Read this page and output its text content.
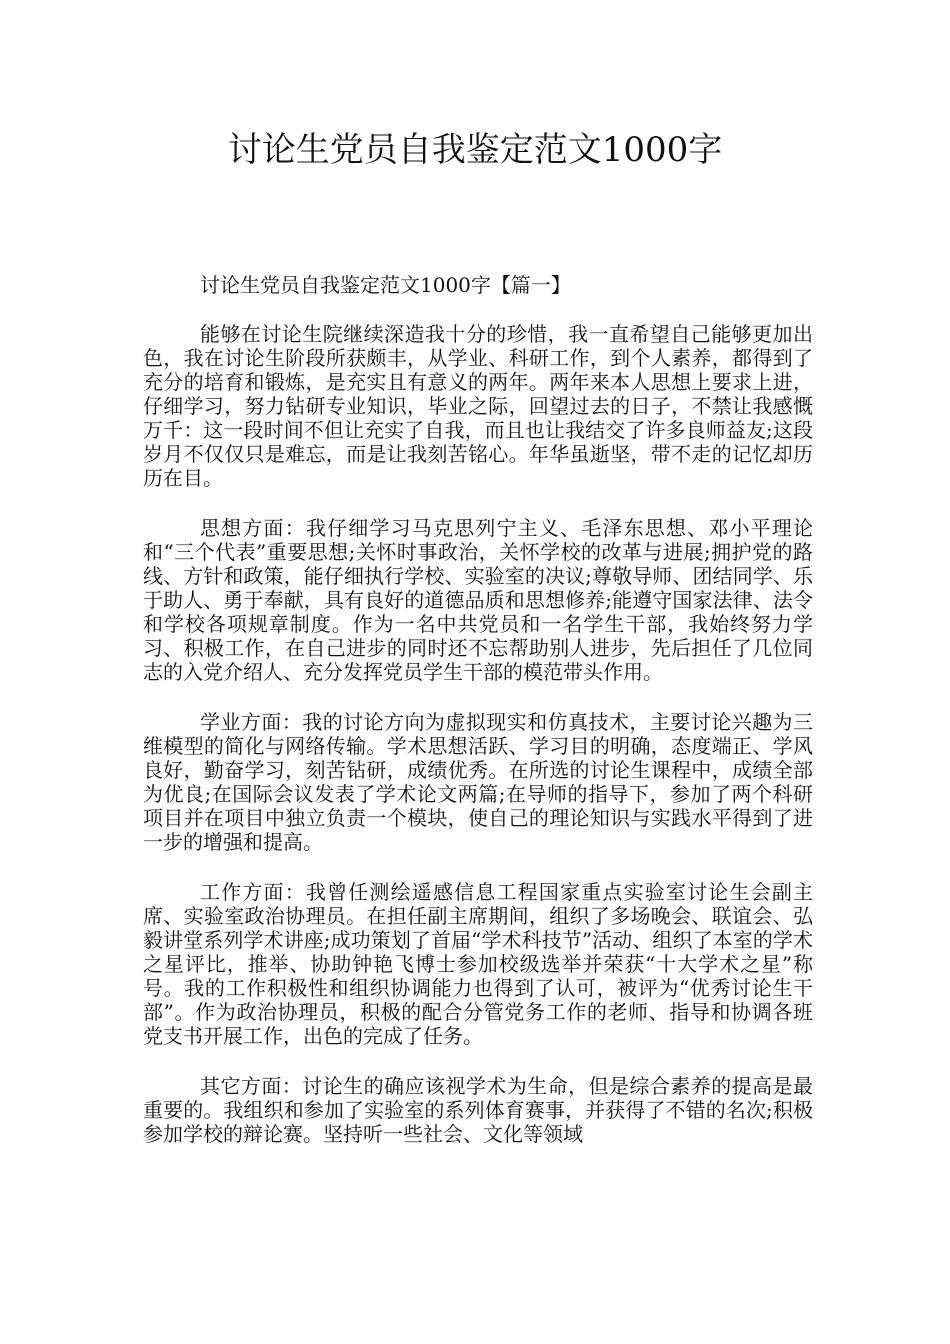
讨论生党员自我鉴定范文1000字
讨论生党员自我鉴定范文1000字【篇一】

能够在讨论生院继续深造我十分的珍惜，我一直希望自己能够更加出色，我在讨论生阶段所获颇丰，从学业、科研工作，到个人素养，都得到了充分的培育和锻炼，是充实且有意义的两年。两年来本人思想上要求上进，仔细学习，努力钻研专业知识，毕业之际，回望过去的日子，不禁让我感慨万千：这一段时间不但让充实了自我，而且也让我结交了许多良师益友;这段岁月不仅仅只是难忘，而是让我刻苦铭心。年华虽逝坚，带不走的记忆却历历在目。

思想方面：我仔细学习马克思列宁主义、毛泽东思想、邓小平理论和“三个代表”重要思想;关怀时事政治，关怀学校的改革与进展;拥护党的路线、方针和政策，能仔细执行学校、实验室的决议;尊敬导师、团结同学、乐于助人、勇于奉献，具有良好的道德品质和思想修养;能遵守国家法律、法令和学校各项规章制度。作为一名中共党员和一名学生干部，我始终努力学习、积极工作，在自己进步的同时还不忘帮助别人进步，先后担任了几位同志的入党介绍人、充分发挥党员学生干部的模范带头作用。

学业方面：我的讨论方向为虚拟现实和仿真技术，主要讨论兴趣为三维模型的简化与网络传输。学术思想活跃、学习目的明确，态度端正、学风良好，勤奋学习，刻苦钻研，成绩优秀。在所选的讨论生课程中，成绩全部为优良;在国际会议发表了学术论文两篇;在导师的指导下，参加了两个科研项目并在项目中独立负责一个模块，使自己的理论知识与实践水平得到了进一步的增强和提高。

工作方面：我曾任测绘遥感信息工程国家重点实验室讨论生会副主席、实验室政治协理员。在担任副主席期间，组织了多场晚会、联谊会、弘毅讲堂系列学术讲座;成功策划了首届“学术科技节”活动、组织了本室的学术之星评比，推举、协助钟艳飞博士参加校级选举并荣获“十大学术之星”称号。我的工作积极性和组织协调能力也得到了认可，被评为“优秀讨论生干部”。作为政治协理员，积极的配合分管党务工作的老师、指导和协调各班党支书开展工作，出色的完成了任务。

其它方面：讨论生的确应该视学术为生命，但是综合素养的提高是最重要的。我组织和参加了实验室的系列体育赛事，并获得了不错的名次;积极参加学校的辩论赛。坚持听一些社会、文化等领域
